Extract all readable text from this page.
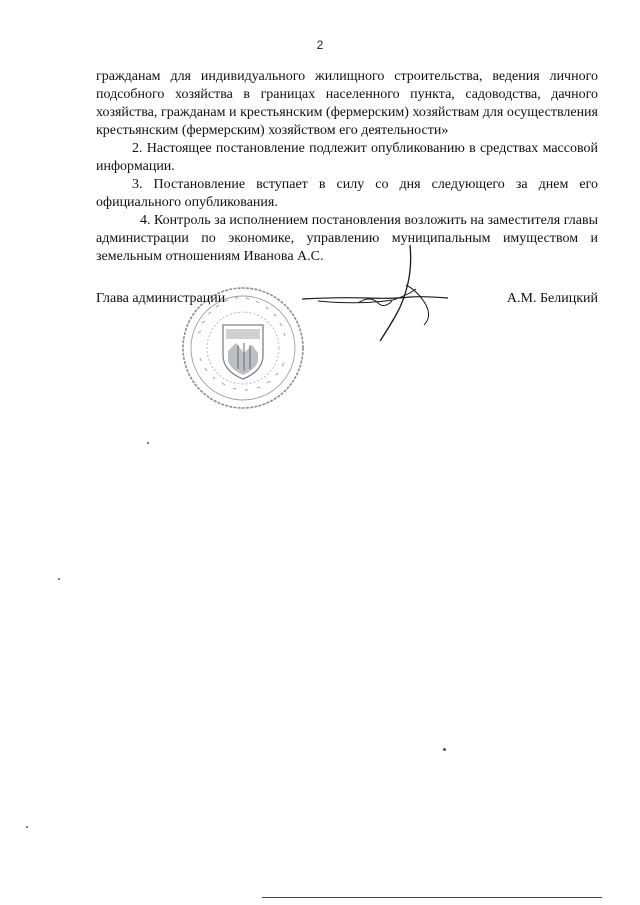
2

гражданам для индивидуального жилищного строительства, ведения личного подсобного хозяйства в границах населенного пункта, садоводства, дачного хозяйства, гражданам и крестьянским (фермерским) хозяйствам для осуществления крестьянским (фермерским) хозяйством его деятельности»

2. Настоящее постановление подлежит опубликованию в средствах массовой информации.

3. Постановление вступает в силу со дня следующего за днем его официального опубликования.

4. Контроль за исполнением постановления возложить на заместителя главы администрации по экономике, управлению муниципальным имуществом и земельным отношениям Иванова А.С.

Глава администрации	А.М. Белицкий
